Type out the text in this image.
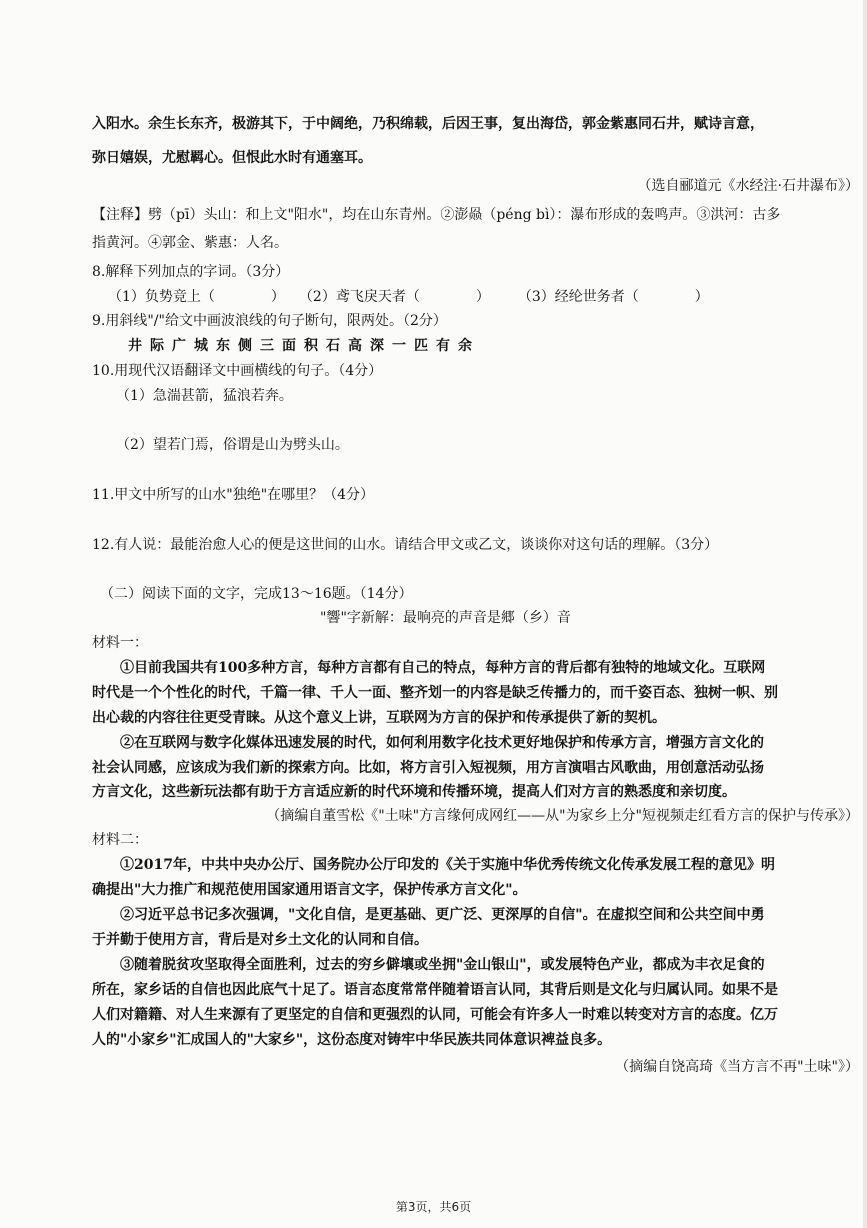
入阳水。余生长东齐，极游其下，于中阔绝，乃积绵载，后因王事，复出海岱，郭金紫惠同石井，赋诗言意，
弥日嬉娱，尤慰羁心。但恨此水时有通塞耳。
（选自郦道元《水经注·石井瀑布》）
【注释】劈（pī）头山：和上文"阳水"，均在山东青州。②澎赑（péng bì）：瀑布形成的轰鸣声。③洪河：古多
指黄河。④郭金、紫惠：人名。
8.解释下列加点的字词。（3分）
（1）负势竞上（　　　　）　　（2）鸢飞戾天者（　　　　）　　　（3）经纶世务者（　　　　）
9.用斜线"/"给文中画波浪线的句子断句，限两处。（2分）
井际广城东侧三面积石高深一匹有余
10.用现代汉语翻译文中画横线的句子。（4分）
（1）急湍甚箭，猛浪若奔。
（2）望若门焉，俗谓是山为劈头山。
11.甲文中所写的山水"独绝"在哪里？（4分）
12.有人说：最能治愈人心的便是这世间的山水。请结合甲文或乙文，谈谈你对这句话的理解。（3分）
（二）阅读下面的文字，完成13～16题。（14分）
"響"字新解：最响亮的声音是郷（乡）音
材料一：
①目前我国共有100多种方言，每种方言都有自己的特点，每种方言的背后都有独特的地域文化。互联网
时代是一个个性化的时代，千篇一律、千人一面、整齐划一的内容是缺乏传播力的，而千姿百态、独树一帜、别
出心裁的内容往往更受青睐。从这个意义上讲，互联网为方言的保护和传承提供了新的契机。
②在互联网与数字化媒体迅速发展的时代，如何利用数字化技术更好地保护和传承方言，增强方言文化的
社会认同感，应该成为我们新的探索方向。比如，将方言引入短视频，用方言演唱古风歌曲，用创意活动弘扬
方言文化，这些新玩法都有助于方言适应新的时代环境和传播环境，提高人们对方言的熟悉度和亲切度。
（摘编自董雪松《"土味"方言缘何成网红——从"为家乡上分"短视频走红看方言的保护与传承》）
材料二：
①2017年，中共中央办公厅、国务院办公厅印发的《关于实施中华优秀传统文化传承发展工程的意见》明
确提出"大力推广和规范使用国家通用语言文字，保护传承方言文化"。
②习近平总书记多次强调，"文化自信，是更基础、更广泛、更深厚的自信"。在虚拟空间和公共空间中勇
于并勤于使用方言，背后是对乡土文化的认同和自信。
③随着脱贫攻坚取得全面胜利，过去的穷乡僻壤或坐拥"金山银山"，或发展特色产业，都成为丰衣足食的
所在，家乡话的自信也因此底气十足了。语言态度常常伴随着语言认同，其背后则是文化与归属认同。如果不是
人们对籍籍、对人生来源有了更坚定的自信和更强烈的认同，可能会有许多人一时难以转变对方言的态度。亿万
人的"小家乡"汇成国人的"大家乡"，这份态度对铸牢中华民族共同体意识裨益良多。
（摘编自饶高琦《当方言不再"土味"》）
第3页，共6页
